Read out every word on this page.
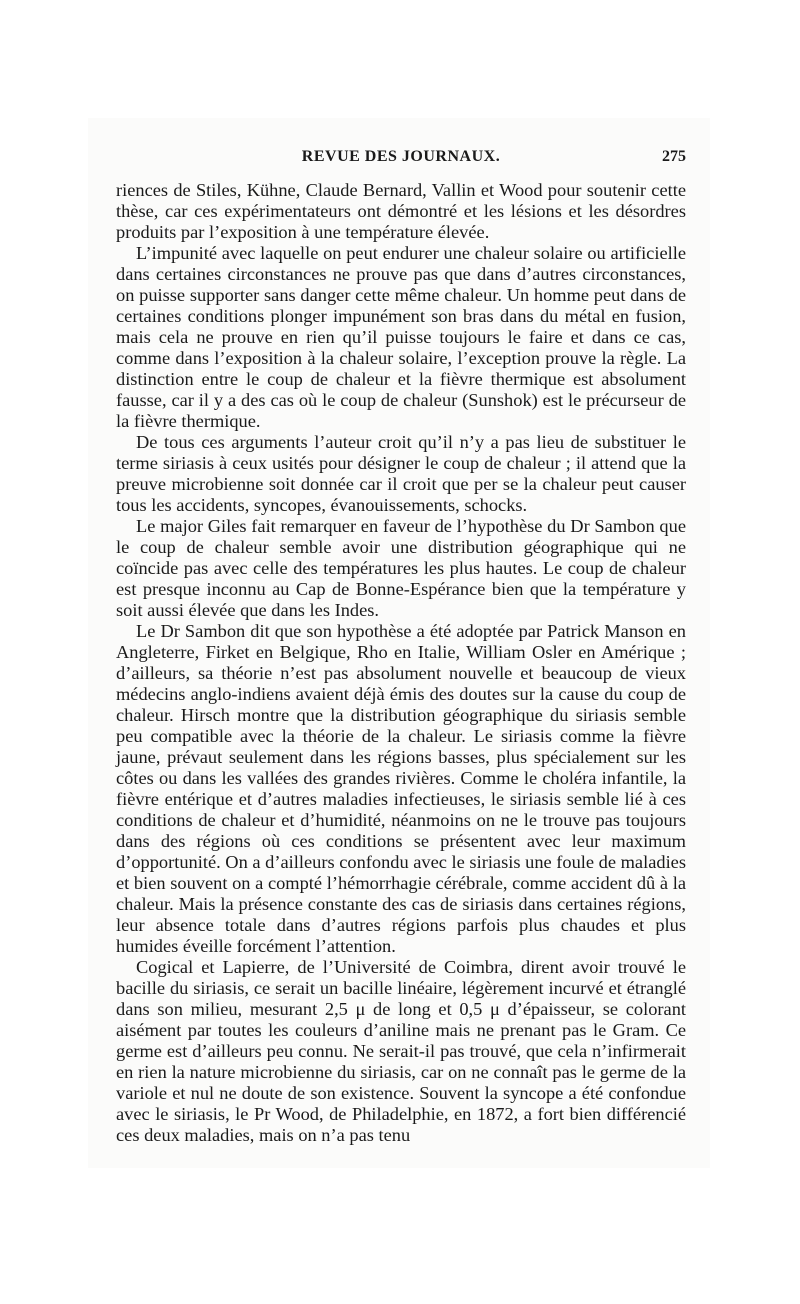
REVUE DES JOURNAUX.	275

riences de Stiles, Kühne, Claude Bernard, Vallin et Wood pour soutenir cette thèse, car ces expérimentateurs ont démontré et les lésions et les désordres produits par l’exposition à une température élevée.

L’impunité avec laquelle on peut endurer une chaleur solaire ou artificielle dans certaines circonstances ne prouve pas que dans d’autres circonstances, on puisse supporter sans danger cette même chaleur. Un homme peut dans de certaines conditions plonger impunément son bras dans du métal en fusion, mais cela ne prouve en rien qu’il puisse toujours le faire et dans ce cas, comme dans l’exposition à la chaleur solaire, l’exception prouve la règle. La distinction entre le coup de chaleur et la fièvre thermique est absolument fausse, car il y a des cas où le coup de chaleur (Sunshok) est le précurseur de la fièvre thermique.

De tous ces arguments l’auteur croit qu’il n’y a pas lieu de substituer le terme siriasis à ceux usités pour désigner le coup de chaleur ; il attend que la preuve microbienne soit donnée car il croit que per se la chaleur peut causer tous les accidents, syncopes, évanouissements, schocks.

Le major Giles fait remarquer en faveur de l’hypothèse du Dr Sambon que le coup de chaleur semble avoir une distribution géographique qui ne coïncide pas avec celle des températures les plus hautes. Le coup de chaleur est presque inconnu au Cap de Bonne-Espérance bien que la température y soit aussi élevée que dans les Indes.

Le Dr Sambon dit que son hypothèse a été adoptée par Patrick Manson en Angleterre, Firket en Belgique, Rho en Italie, William Osler en Amérique ; d’ailleurs, sa théorie n’est pas absolument nouvelle et beaucoup de vieux médecins anglo-indiens avaient déjà émis des doutes sur la cause du coup de chaleur. Hirsch montre que la distribution géographique du siriasis semble peu compatible avec la théorie de la chaleur. Le siriasis comme la fièvre jaune, prévaut seulement dans les régions basses, plus spécialement sur les côtes ou dans les vallées des grandes rivières. Comme le choléra infantile, la fièvre entérique et d’autres maladies infectieuses, le siriasis semble lié à ces conditions de chaleur et d’humidité, néanmoins on ne le trouve pas toujours dans des régions où ces conditions se présentent avec leur maximum d’opportunité. On a d’ailleurs confondu avec le siriasis une foule de maladies et bien souvent on a compté l’hémorrhagie cérébrale, comme accident dû à la chaleur. Mais la présence constante des cas de siriasis dans certaines régions, leur absence totale dans d’autres régions parfois plus chaudes et plus humides éveille forcément l’attention.

Cogical et Lapierre, de l’Université de Coimbra, dirent avoir trouvé le bacille du siriasis, ce serait un bacille linéaire, légèrement incurvé et étranglé dans son milieu, mesurant 2,5 μ de long et 0,5 μ d’épaisseur, se colorant aisément par toutes les couleurs d’aniline mais ne prenant pas le Gram. Ce germe est d’ailleurs peu connu. Ne serait-il pas trouvé, que cela n’infirmerait en rien la nature microbienne du siriasis, car on ne connaît pas le germe de la variole et nul ne doute de son existence. Souvent la syncope a été confondue avec le siriasis, le Pr Wood, de Philadelphie, en 1872, a fort bien différencié ces deux maladies, mais on n’a pas tenu
